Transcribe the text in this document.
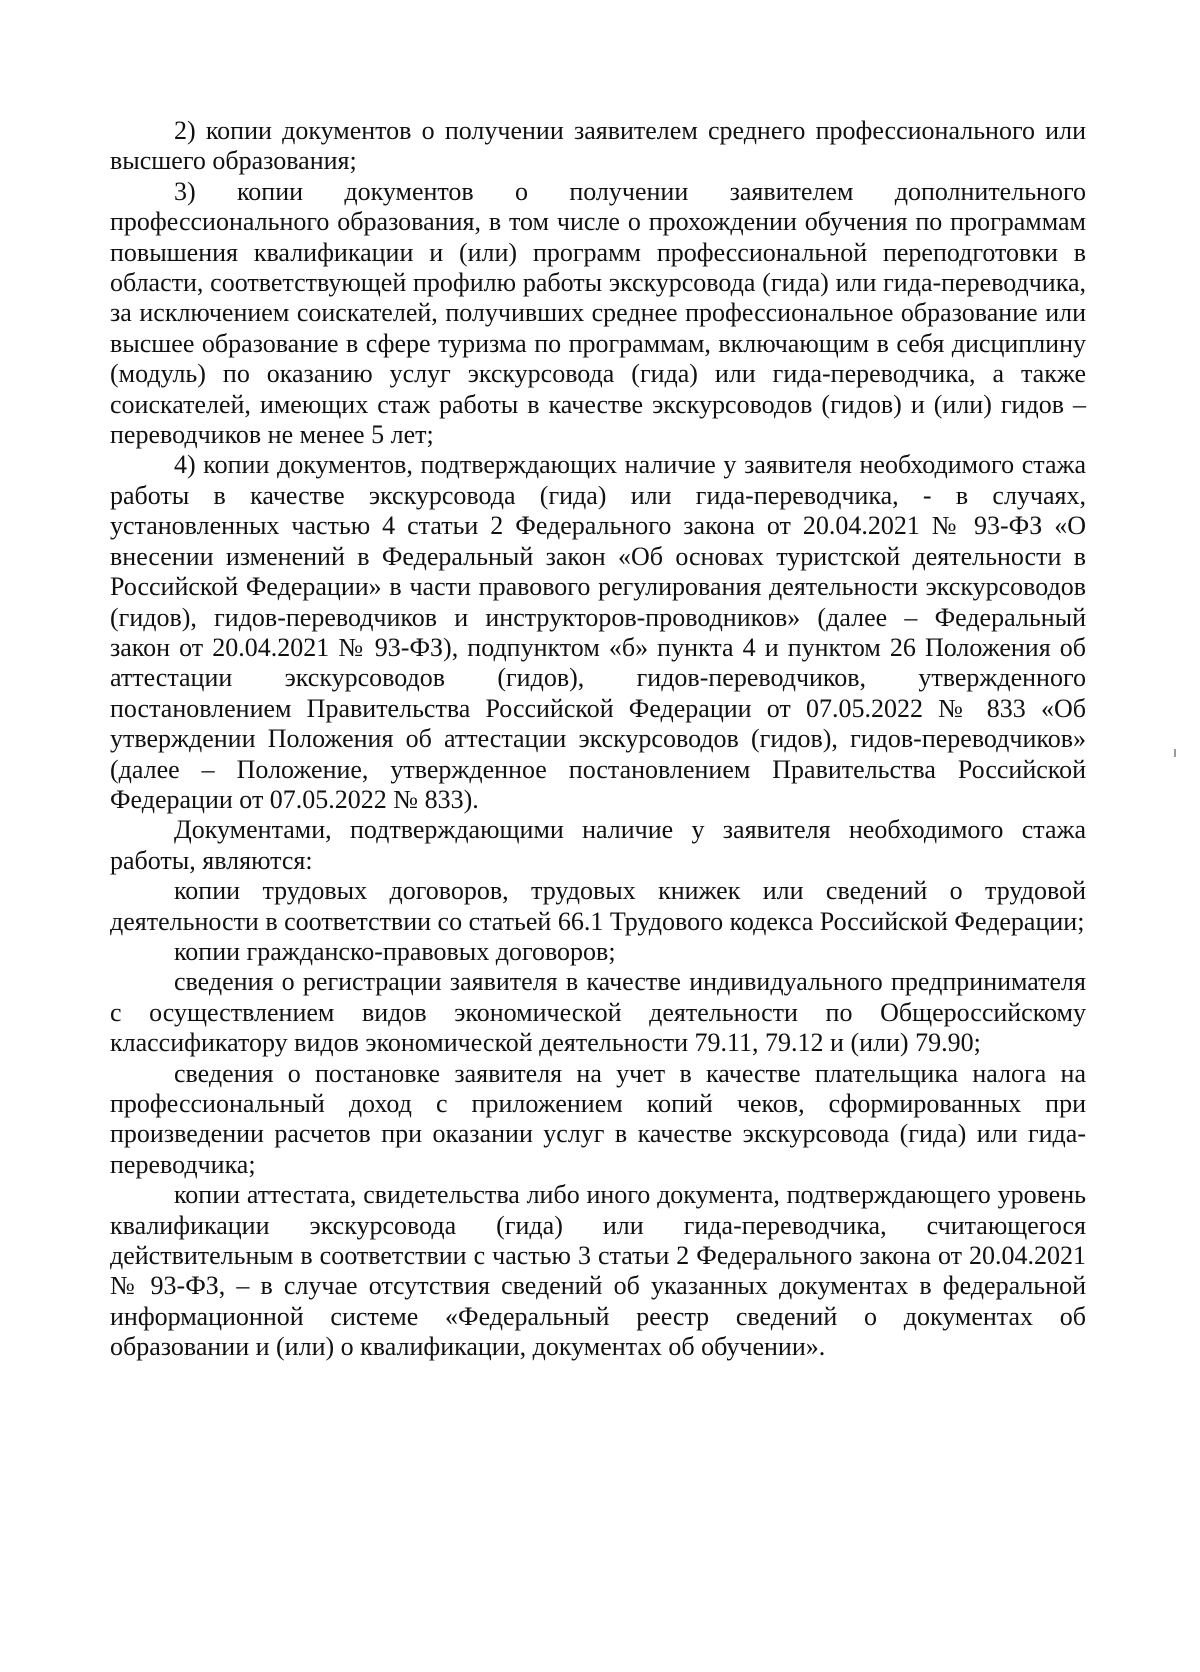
2) копии документов о получении заявителем среднего профессионального или высшего образования;

3) копии документов о получении заявителем дополнительного профессионального образования, в том числе о прохождении обучения по программам повышения квалификации и (или) программ профессиональной переподготовки в области, соответствующей профилю работы экскурсовода (гида) или гида-переводчика, за исключением соискателей, получивших среднее профессиональное образование или высшее образование в сфере туризма по программам, включающим в себя дисциплину (модуль) по оказанию услуг экскурсовода (гида) или гида-переводчика, а также соискателей, имеющих стаж работы в качестве экскурсоводов (гидов) и (или) гидов – переводчиков не менее 5 лет;

4) копии документов, подтверждающих наличие у заявителя необходимого стажа работы в качестве экскурсовода (гида) или гида-переводчика, - в случаях, установленных частью 4 статьи 2 Федерального закона от 20.04.2021 № 93-ФЗ «О внесении изменений в Федеральный закон «Об основах туристской деятельности в Российской Федерации» в части правового регулирования деятельности экскурсоводов (гидов), гидов-переводчиков и инструкторов-проводников» (далее – Федеральный закон от 20.04.2021 № 93-ФЗ), подпунктом «б» пункта 4 и пунктом 26 Положения об аттестации экскурсоводов (гидов), гидов-переводчиков, утвержденного постановлением Правительства Российской Федерации от 07.05.2022 № 833 «Об утверждении Положения об аттестации экскурсоводов (гидов), гидов-переводчиков» (далее – Положение, утвержденное постановлением Правительства Российской Федерации от 07.05.2022 № 833).

Документами, подтверждающими наличие у заявителя необходимого стажа работы, являются:

копии трудовых договоров, трудовых книжек или сведений о трудовой деятельности в соответствии со статьей 66.1 Трудового кодекса Российской Федерации;

копии гражданско-правовых договоров;

сведения о регистрации заявителя в качестве индивидуального предпринимателя с осуществлением видов экономической деятельности по Общероссийскому классификатору видов экономической деятельности 79.11, 79.12 и (или) 79.90;

сведения о постановке заявителя на учет в качестве плательщика налога на профессиональный доход с приложением копий чеков, сформированных при произведении расчетов при оказании услуг в качестве экскурсовода (гида) или гида-переводчика;

копии аттестата, свидетельства либо иного документа, подтверждающего уровень квалификации экскурсовода (гида) или гида-переводчика, считающегося действительным в соответствии с частью 3 статьи 2 Федерального закона от 20.04.2021 № 93-ФЗ, – в случае отсутствия сведений об указанных документах в федеральной информационной системе «Федеральный реестр сведений о документах об образовании и (или) о квалификации, документах об обучении».
